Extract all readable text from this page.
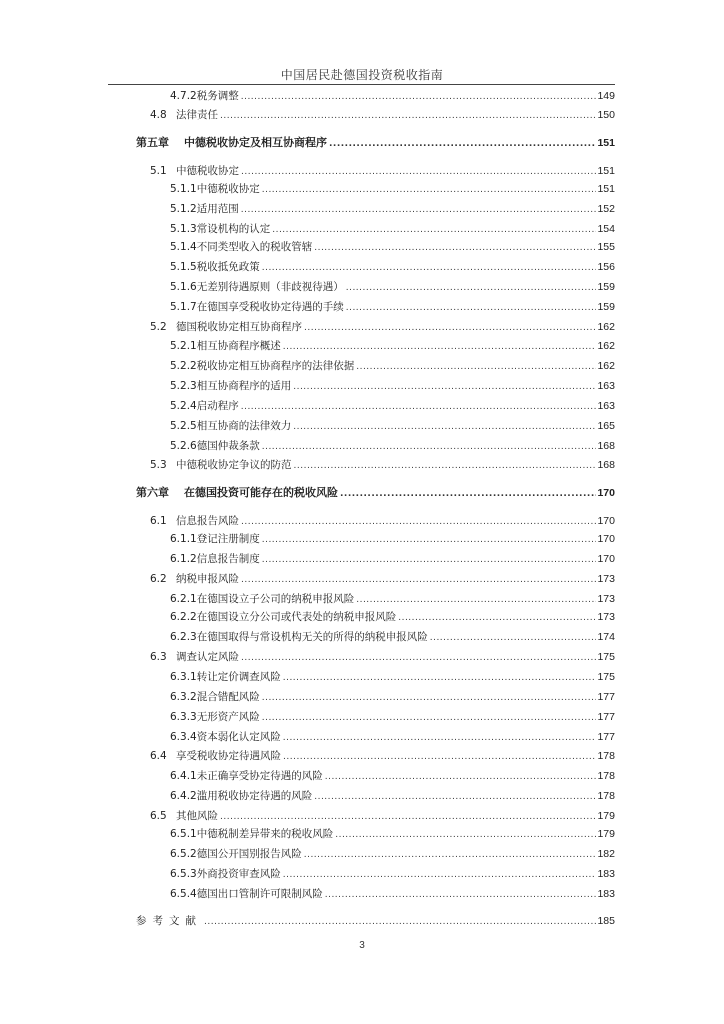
中国居民赴德国投资税收指南
4.7.2税务调整 .....	149
4.8 法律责任 .....	150
第五章 中德税收协定及相互协商程序 .....	151
5.1 中德税收协定 .....	151
5.1.1中德税收协定 .....	151
5.1.2适用范围 .....	152
5.1.3常设机构的认定 .....	154
5.1.4不同类型收入的税收管辖 .....	155
5.1.5税收抵免政策 .....	156
5.1.6无差别待遇原则（非歧视待遇） .....	159
5.1.7在德国享受税收协定待遇的手续 .....	159
5.2 德国税收协定相互协商程序 .....	162
5.2.1相互协商程序概述 .....	162
5.2.2税收协定相互协商程序的法律依据 .....	162
5.2.3相互协商程序的适用 .....	163
5.2.4启动程序 .....	163
5.2.5相互协商的法律效力 .....	165
5.2.6德国仲裁条款 .....	168
5.3 中德税收协定争议的防范 .....	168
第六章 在德国投资可能存在的税收风险 .....	170
6.1 信息报告风险 .....	170
6.1.1登记注册制度 .....	170
6.1.2信息报告制度 .....	170
6.2 纳税申报风险 .....	173
6.2.1在德国设立子公司的纳税申报风险 .....	173
6.2.2在德国设立分公司或代表处的纳税申报风险 .....	173
6.2.3在德国取得与常设机构无关的所得的纳税申报风险 .....	174
6.3 调查认定风险 .....	175
6.3.1转让定价调查风险 .....	175
6.3.2混合错配风险 .....	177
6.3.3无形资产风险 .....	177
6.3.4资本弱化认定风险 .....	177
6.4 享受税收协定待遇风险 .....	178
6.4.1未正确享受协定待遇的风险 .....	178
6.4.2滥用税收协定待遇的风险 .....	178
6.5 其他风险 .....	179
6.5.1中德税制差异带来的税收风险 .....	179
6.5.2德国公开国别报告风险 .....	182
6.5.3外商投资审查风险 .....	183
6.5.4德国出口管制许可限制风险 .....	183
参考文献 .....	185
3
